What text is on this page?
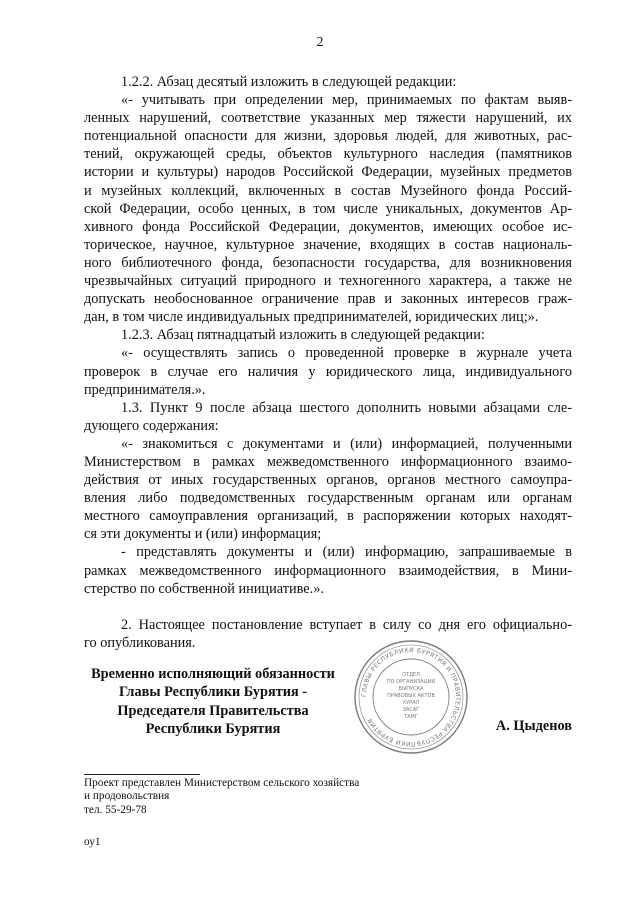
2
1.2.2. Абзац десятый изложить в следующей редакции:
«- учитывать при определении мер, принимаемых по фактам выяв-
ленных нарушений, соответствие указанных мер тяжести нарушений, их
потенциальной опасности для жизни, здоровья людей, для животных, рас-
тений, окружающей среды, объектов культурного наследия (памятников
истории и культуры) народов Российской Федерации, музейных предметов
и музейных коллекций, включенных в состав Музейного фонда Россий-
ской Федерации, особо ценных, в том числе уникальных, документов Ар-
хивного фонда Российской Федерации, документов, имеющих особое ис-
торическое, научное, культурное значение, входящих в состав националь-
ного библиотечного фонда, безопасности государства, для возникновения
чрезвычайных ситуаций природного и техногенного характера, а также не
допускать необоснованное ограничение прав и законных интересов граж-
дан, в том числе индивидуальных предпринимателей, юридических лиц;».
1.2.3. Абзац пятнадцатый изложить в следующей редакции:
«- осуществлять запись о проведенной проверке в журнале учета
проверок в случае его наличия у юридического лица, индивидуального
предпринимателя.».
1.3. Пункт 9 после абзаца шестого дополнить новыми абзацами сле-
дующего содержания:
«- знакомиться с документами и (или) информацией, полученными
Министерством в рамках межведомственного информационного взаимо-
действия от иных государственных органов, органов местного самоупра-
вления либо подведомственных государственным органам или органам
местного самоуправления организаций, в распоряжении которых находят-
ся эти документы и (или) информация;
- представлять документы и (или) информацию, запрашиваемые в
рамках межведомственного информационного взаимодействия, в Мини-
стерство по собственной инициативе.».
2. Настоящее постановление вступает в силу со дня его официально-
го опубликования.
Временно исполняющий обязанности
Главы Республики Бурятия -
Председателя Правительства
Республики Бурятия
ГЛАВЫ РЕСПУБЛИКИ БУРЯТИЯ И ПРАВИТЕЛЬСТВА РЕСПУБЛИКИ БУРЯТИЯ
ОТДЕЛ
ПО ОРГАНИЗАЦИИ
ВЫПУСКА
ПРАВОВЫХ АКТОВ
ХУРАЛ
ЗАСАГ
ТАМГ
А. Цыденов
Проект представлен Министерством сельского хозяйства
и продовольствия
тел. 55-29-78
оу1
